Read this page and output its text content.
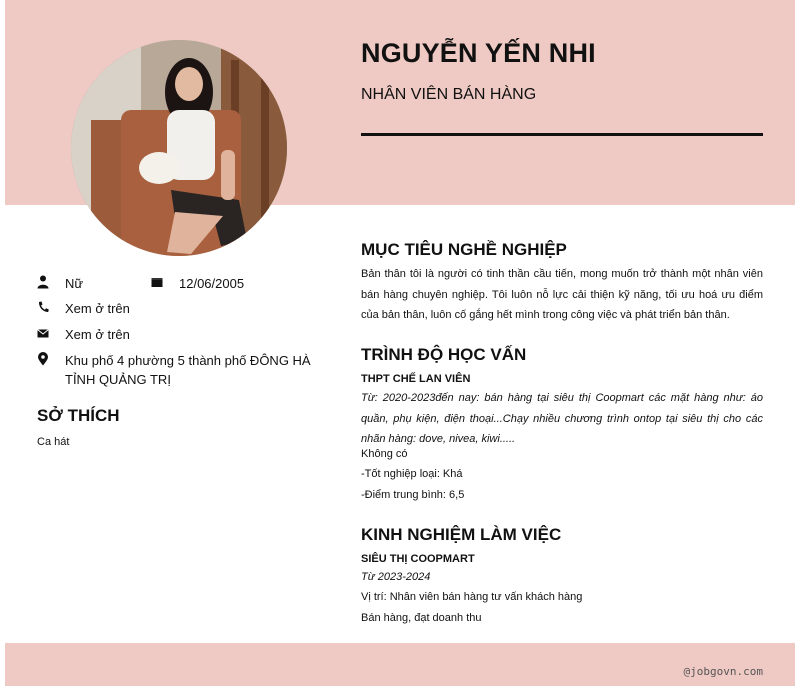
NGUYỄN YẾN NHI
NHÂN VIÊN BÁN HÀNG
Nữ	12/06/2005
Xem ở trên
Xem ở trên
Khu phố 4 phường 5 thành phố ĐÔNG HÀ
TỈNH QUẢNG TRỊ
SỞ THÍCH
Ca hát
MỤC TIÊU NGHỀ NGHIỆP
Bản thân tôi là người có tinh thần cầu tiến, mong muốn trở thành một nhân viên bán hàng chuyên nghiệp. Tôi luôn nỗ lực cải thiện kỹ năng, tối ưu hoá ưu điểm của bản thân, luôn cố gắng hết mình trong công việc và phát triển bản thân.
TRÌNH ĐỘ HỌC VẤN
THPT CHẾ LAN VIÊN
Từ: 2020-2023đến nay: bán hàng tại siêu thị Coopmart các mặt hàng như: áo quần, phụ kiện, điện thoại...Chạy nhiều chương trình ontop tại siêu thị cho các nhãn hàng: dove, nivea, kiwi.....
Không có
-Tốt nghiệp loại: Khá
-Điểm trung bình: 6,5
KINH NGHIỆM LÀM VIỆC
SIÊU THỊ COOPMART
Từ 2023-2024
Vị trí: Nhân viên bán hàng tư vấn khách hàng
Bán hàng, đạt doanh thu
@jobgovn.com
